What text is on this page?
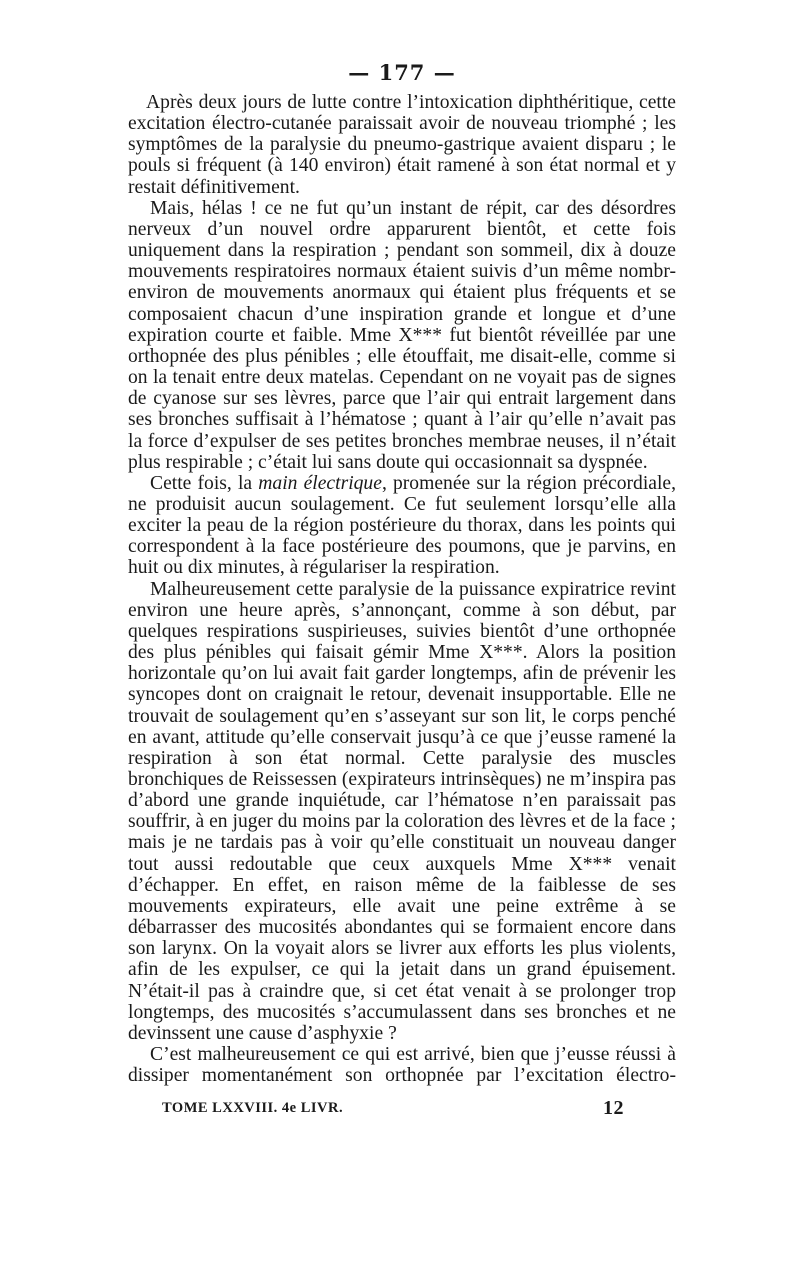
— 177 —

Après deux jours de lutte contre l’intoxication diphthéritique, cette excitation électro-cutanée paraissait avoir de nouveau triomphé ; les symptômes de la paralysie du pneumo-gastrique avaient disparu ; le pouls si fréquent (à 140 environ) était ramené à son état normal et y restait définitivement.

Mais, hélas ! ce ne fut qu’un instant de répit, car des désordres nerveux d’un nouvel ordre apparurent bientôt, et cette fois uniquement dans la respiration ; pendant son sommeil, dix à douze mouvements respiratoires normaux étaient suivis d’un même nombr-environ de mouvements anormaux qui étaient plus fréquents et se composaient chacun d’une inspiration grande et longue et d’une expiration courte et faible. Mme X*** fut bientôt réveillée par une orthopnée des plus pénibles ; elle étouffait, me disait-elle, comme si on la tenait entre deux matelas. Cependant on ne voyait pas de signes de cyanose sur ses lèvres, parce que l’air qui entrait largement dans ses bronches suffisait à l’hématose ; quant à l’air qu’elle n’avait pas la force d’expulser de ses petites bronches membrae neuses, il n’était plus respirable ; c’était lui sans doute qui occasionnait sa dyspnée.

Cette fois, la main électrique, promenée sur la région précordiale, ne produisit aucun soulagement. Ce fut seulement lorsqu’elle alla exciter la peau de la région postérieure du thorax, dans les points qui correspondent à la face postérieure des poumons, que je parvins, en huit ou dix minutes, à régulariser la respiration.

Malheureusement cette paralysie de la puissance expiratrice revint environ une heure après, s’annonçant, comme à son début, par quelques respirations suspirieuses, suivies bientôt d’une orthopnée des plus pénibles qui faisait gémir Mme X***. Alors la position horizontale qu’on lui avait fait garder longtemps, afin de prévenir les syncopes dont on craignait le retour, devenait insupportable. Elle ne trouvait de soulagement qu’en s’asseyant sur son lit, le corps penché en avant, attitude qu’elle conservait jusqu’à ce que j’eusse ramené la respiration à son état normal. Cette paralysie des muscles bronchiques de Reissessen (expirateurs intrinsèques) ne m’inspira pas d’abord une grande inquiétude, car l’hématose n’en paraissait pas souffrir, à en juger du moins par la coloration des lèvres et de la face ; mais je ne tardais pas à voir qu’elle constituait un nouveau danger tout aussi redoutable que ceux auxquels Mme X*** venait d’échapper. En effet, en raison même de la faiblesse de ses mouvements expirateurs, elle avait une peine extrême à se débarrasser des mucosités abondantes qui se formaient encore dans son larynx. On la voyait alors se livrer aux efforts les plus violents, afin de les expulser, ce qui la jetait dans un grand épuisement. N’était-il pas à craindre que, si cet état venait à se prolonger trop longtemps, des mucosités s’accumulassent dans ses bronches et ne devinssent une cause d’asphyxie ?

C’est malheureusement ce qui est arrivé, bien que j’eusse réussi à dissiper momentanément son orthopnée par l’excitation électro-

TOME LXXVIII. 4e LIVR.	12
